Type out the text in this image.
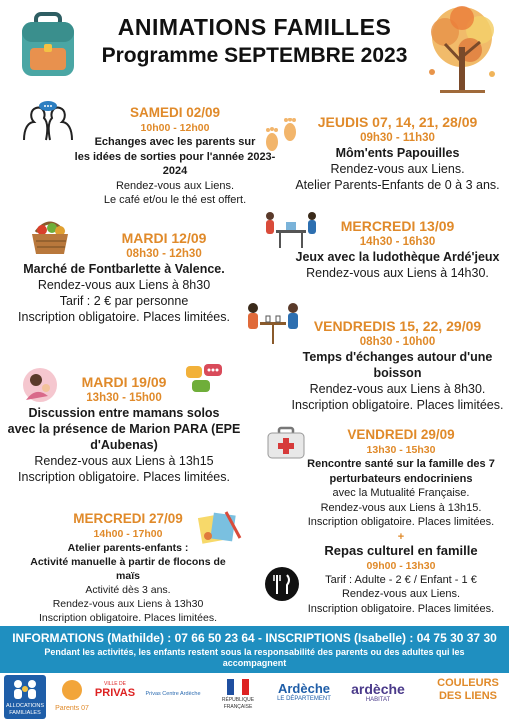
ANIMATIONS FAMILLES
Programme SEPTEMBRE 2023
SAMEDI 02/09
10h00 - 12h00
Echanges avec les parents sur
les idées de sorties pour l'année 2023-2024
Rendez-vous aux Liens.
Le café et/ou le thé est offert.
JEUDIS 07, 14, 21, 28/09
09h30 - 11h30
Môm'ents Papouilles
Rendez-vous aux Liens.
Atelier Parents-Enfants de 0 à 3 ans.
MARDI 12/09
08h30 - 12h30
Marché de Fontbarlette à Valence.
Rendez-vous aux Liens à 8h30
Tarif : 2 € par personne
Inscription obligatoire. Places limitées.
MERCREDI 13/09
14h30 - 16h30
Jeux avec la ludothèque Ardé'jeux
Rendez-vous aux Liens à 14h30.
VENDREDIS 15, 22, 29/09
08h30 - 10h00
Temps d'échanges autour d'une
boisson
Rendez-vous aux Liens à 8h30.
Inscription obligatoire. Places limitées.
MARDI 19/09
13h30 - 15h00
Discussion entre mamans solos
avec la présence de Marion PARA (EPE
d'Aubenas)
Rendez-vous aux Liens à 13h15
Inscription obligatoire. Places limitées.
VENDREDI 29/09
13h30 - 15h30
Rencontre santé sur la famille des 7
perturbateurs endocriniens
avec la Mutualité Française.
Rendez-vous aux Liens à 13h15.
Inscription obligatoire. Places limitées.
+
Repas culturel en famille
09h00 - 13h30
Tarif : Adulte - 2 € / Enfant - 1 €
Rendez-vous aux Liens.
Inscription obligatoire. Places limitées.
MERCREDI 27/09
14h00 - 17h00
Atelier parents-enfants :
Activité manuelle à partir de flocons de maïs
Activité dès 3 ans.
Rendez-vous aux Liens à 13h30
Inscription obligatoire. Places limitées.
INFORMATIONS (Mathilde) : 07 66 50 23 64 - INSCRIPTIONS (Isabelle) : 04 75 30 37 30
Pendant les activités, les enfants restent sous la responsabilité des parents ou des adultes qui les accompagnent
ALLOCATIONS FAMILIALES
Parents 07
VILLE DE
PRIVAS	Privas Centre Ardèche
RÉPUBLIQUE FRANÇAISE
Ardèche
LE DÉPARTEMENT
ardèche
HABITAT
COULEURS DES LIENS
